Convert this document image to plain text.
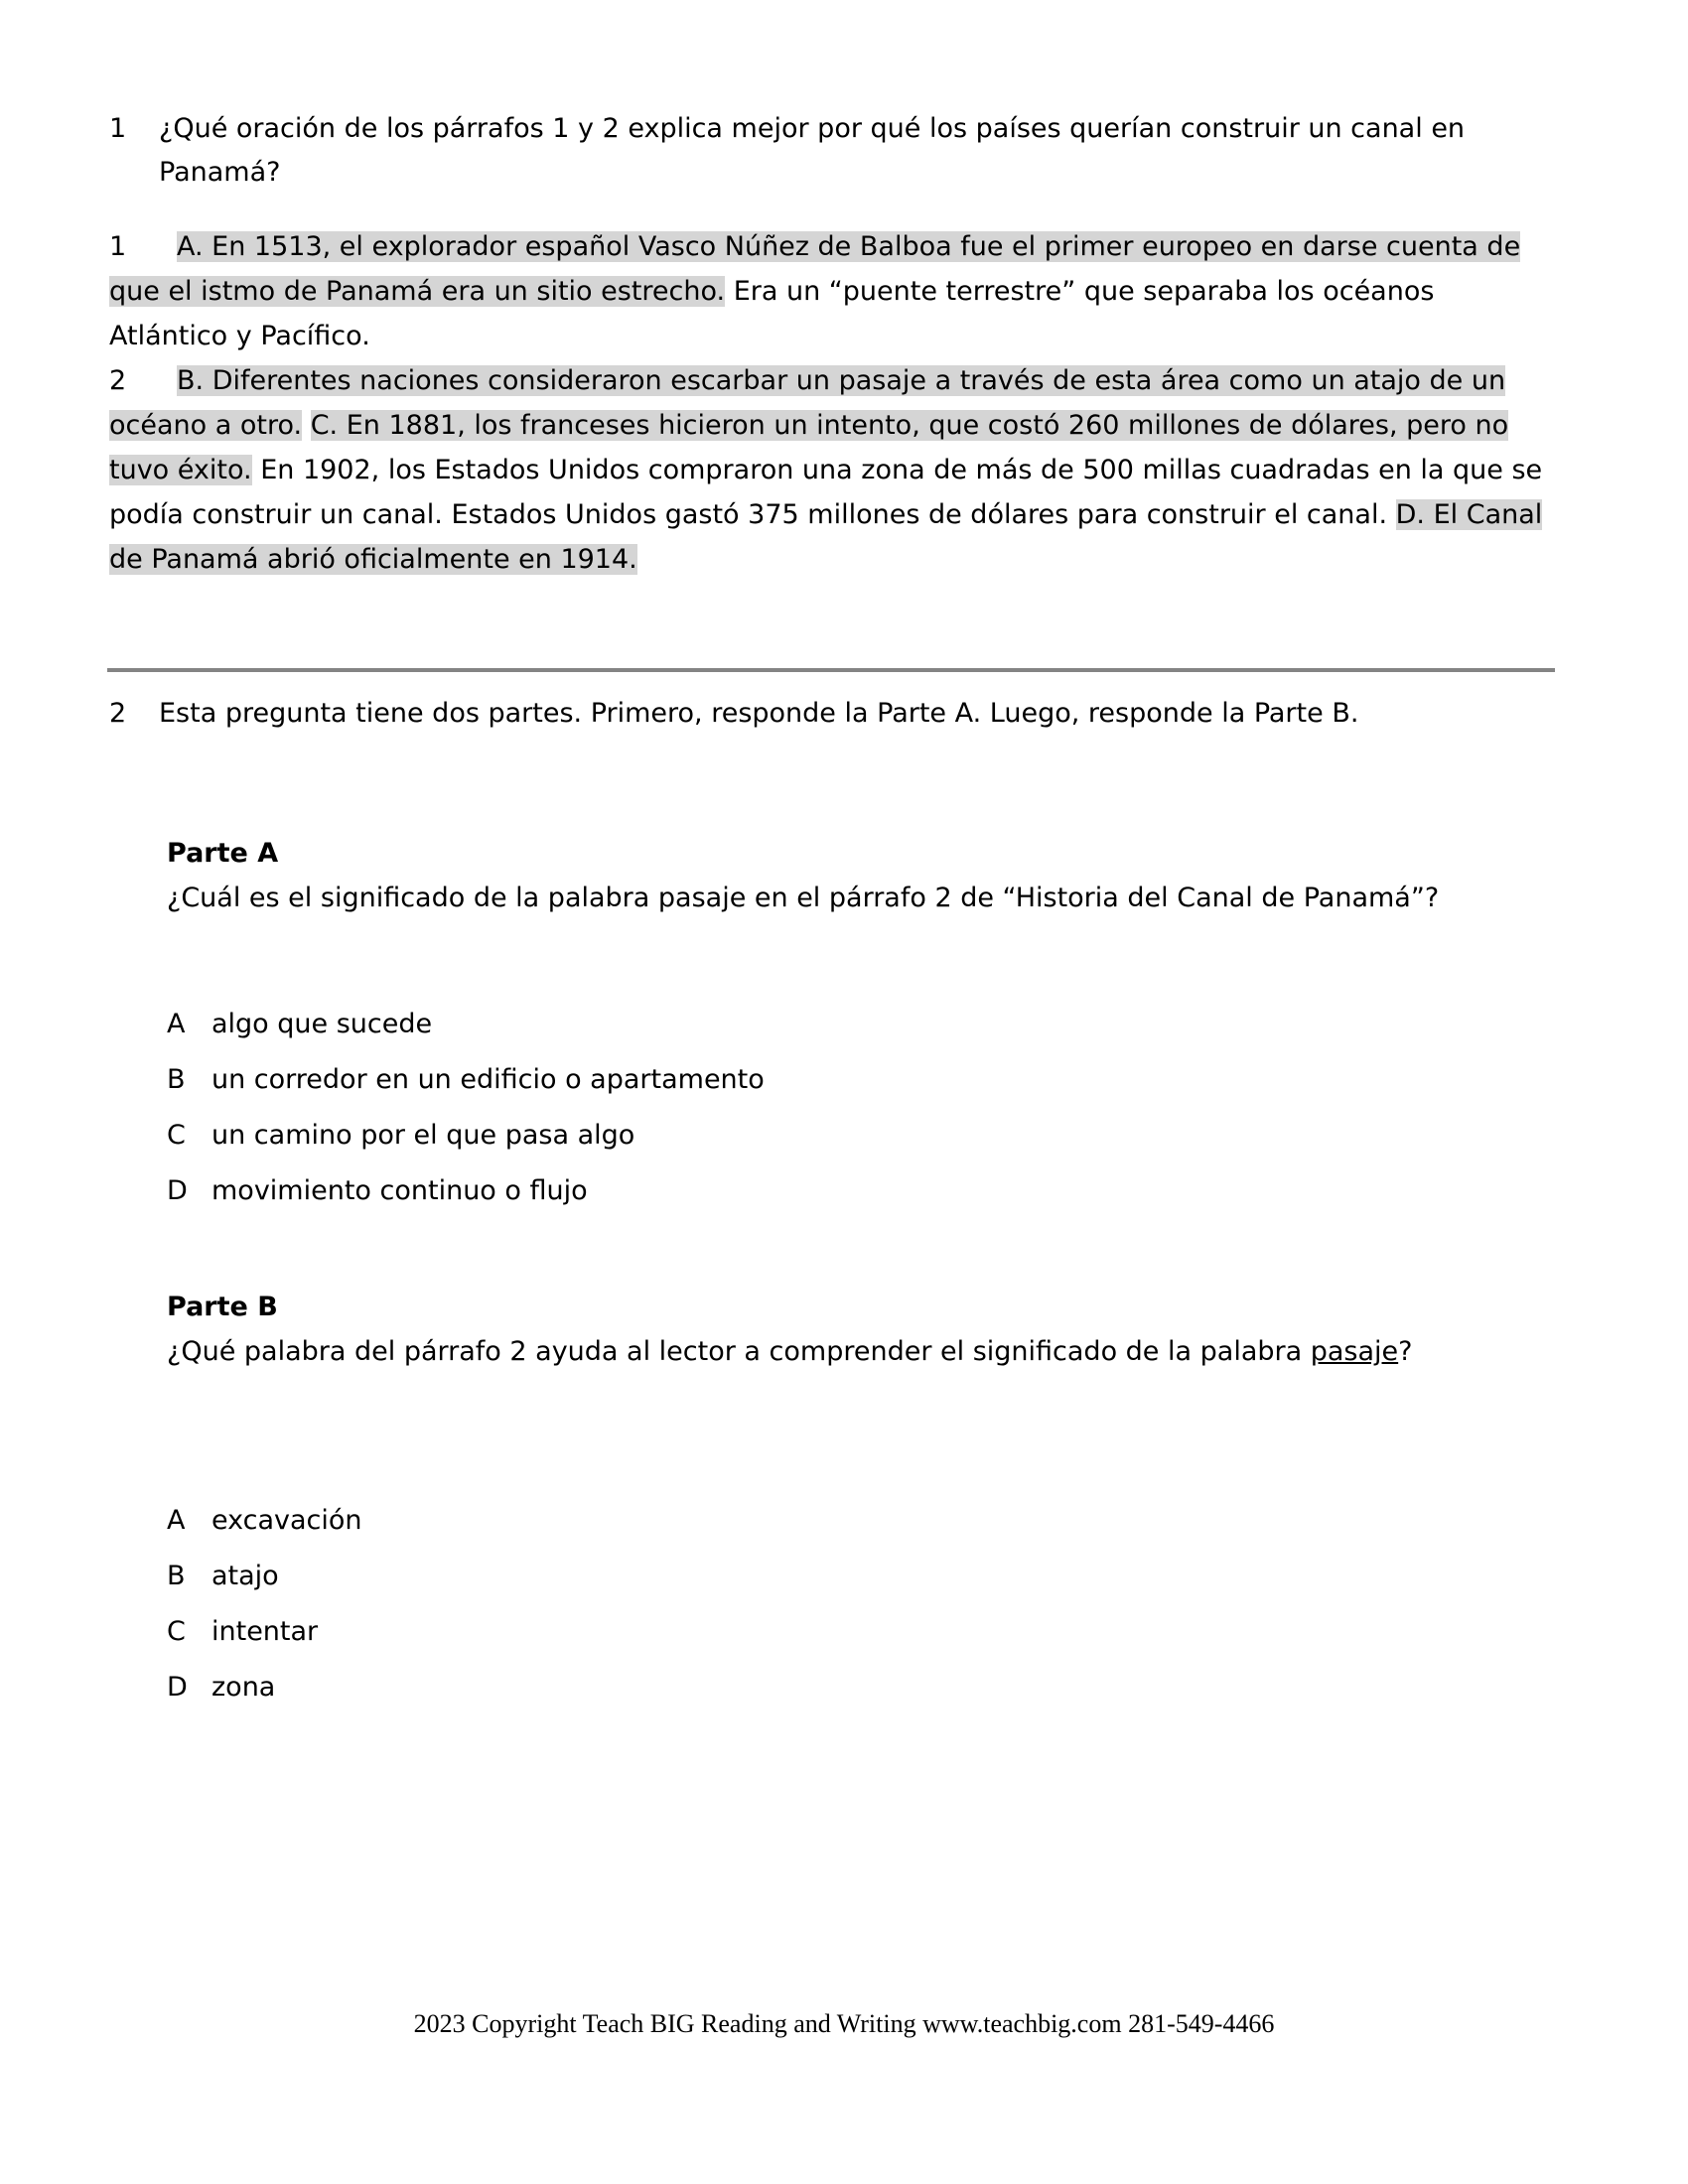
1	¿Qué oración de los párrafos 1 y 2 explica mejor por qué los países querían construir un canal en Panamá?

1 A. En 1513, el explorador español Vasco Núñez de Balboa fue el primer europeo en darse cuenta de que el istmo de Panamá era un sitio estrecho. Era un “puente terrestre” que separaba los océanos Atlántico y Pacífico.

2 B. Diferentes naciones consideraron escarbar un pasaje a través de esta área como un atajo de un océano a otro. C. En 1881, los franceses hicieron un intento, que costó 260 millones de dólares, pero no tuvo éxito. En 1902, los Estados Unidos compraron una zona de más de 500 millas cuadradas en la que se podía construir un canal. Estados Unidos gastó 375 millones de dólares para construir el canal. D. El Canal de Panamá abrió oficialmente en 1914.

2	Esta pregunta tiene dos partes. Primero, responde la Parte A. Luego, responde la Parte B.
Parte A
¿Cuál es el significado de la palabra pasaje en el párrafo 2 de “Historia del Canal de Panamá”?
A algo que sucede
B un corredor en un edificio o apartamento
C un camino por el que pasa algo
D movimiento continuo o flujo
Parte B
¿Qué palabra del párrafo 2 ayuda al lector a comprender el significado de la palabra pasaje?
A excavación
B atajo
C intentar
D zona
2023 Copyright Teach BIG Reading and Writing www.teachbig.com 281-549-4466
